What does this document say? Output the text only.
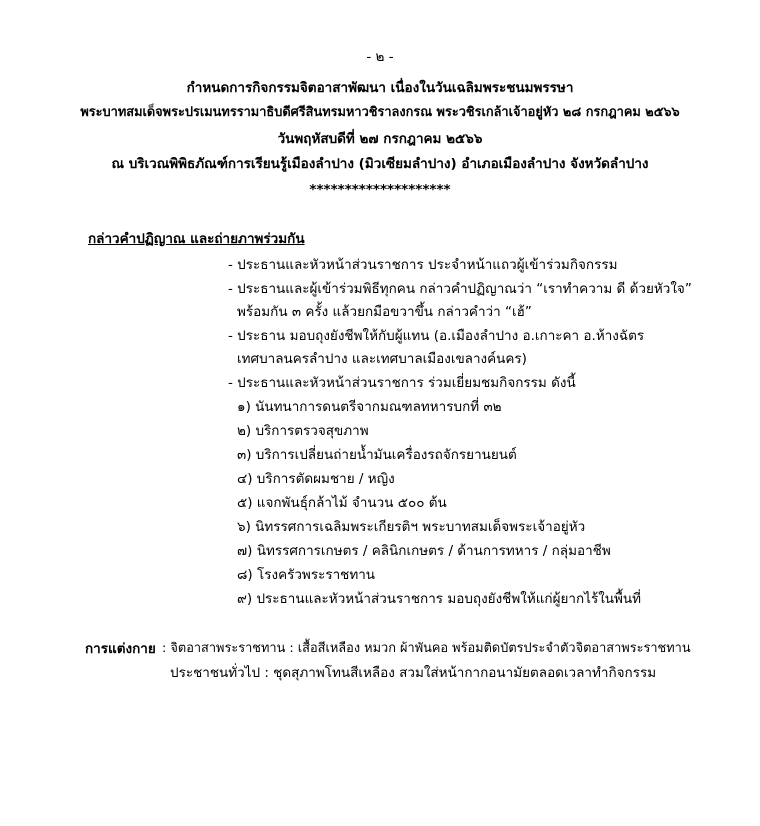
- ๒ -
กำหนดการกิจกรรมจิตอาสาพัฒนา เนื่องในวันเฉลิมพระชนมพรรษา
พระบาทสมเด็จพระปรเมนทรรามาธิบดีศรีสินทรมหาวชิราลงกรณ พระวชิรเกล้าเจ้าอยู่หัว ๒๘ กรกฎาคม ๒๕๖๖
วันพฤหัสบดีที่ ๒๗ กรกฎาคม ๒๕๖๖
ณ บริเวณพิพิธภัณฑ์การเรียนรู้เมืองลำปาง (มิวเซียมลำปาง) อำเภอเมืองลำปาง จังหวัดลำปาง
********************
กล่าวคำปฏิญาณ และถ่ายภาพร่วมกัน
- ประธานและหัวหน้าส่วนราชการ ประจำหน้าแถวผู้เข้าร่วมกิจกรรม
- ประธานและผู้เข้าร่วมพิธีทุกคน กล่าวคำปฏิญาณว่า “เราทำความ ดี ด้วยหัวใจ”
พร้อมกัน ๓ ครั้ง แล้วยกมือขวาขึ้น กล่าวคำว่า “เฮ้”
- ประธาน มอบถุงยังชีพให้กับผู้แทน (อ.เมืองลำปาง อ.เกาะคา อ.ห้างฉัตร
เทศบาลนครลำปาง และเทศบาลเมืองเขลางค์นคร)
- ประธานและหัวหน้าส่วนราชการ ร่วมเยี่ยมชมกิจกรรม ดังนี้
๑) นันทนาการดนตรีจากมณฑลทหารบกที่ ๓๒
๒) บริการตรวจสุขภาพ
๓) บริการเปลี่ยนถ่ายน้ำมันเครื่องรถจักรยานยนต์
๔) บริการตัดผมชาย / หญิง
๕) แจกพันธุ์กล้าไม้ จำนวน ๕๐๐ ต้น
๖) นิทรรศการเฉลิมพระเกียรติฯ พระบาทสมเด็จพระเจ้าอยู่หัว
๗) นิทรรศการเกษตร / คลินิกเกษตร / ด้านการทหาร / กลุ่มอาชีพ
๘) โรงครัวพระราชทาน
๙) ประธานและหัวหน้าส่วนราชการ มอบถุงยังชีพให้แก่ผู้ยากไร้ในพื้นที่
การแต่งกาย : จิตอาสาพระราชทาน : เสื้อสีเหลือง หมวก ผ้าพันคอ พร้อมติดบัตรประจำตัวจิตอาสาพระราชทาน
ประชาชนทั่วไป : ชุดสุภาพโทนสีเหลือง สวมใส่หน้ากากอนามัยตลอดเวลาทำกิจกรรม
